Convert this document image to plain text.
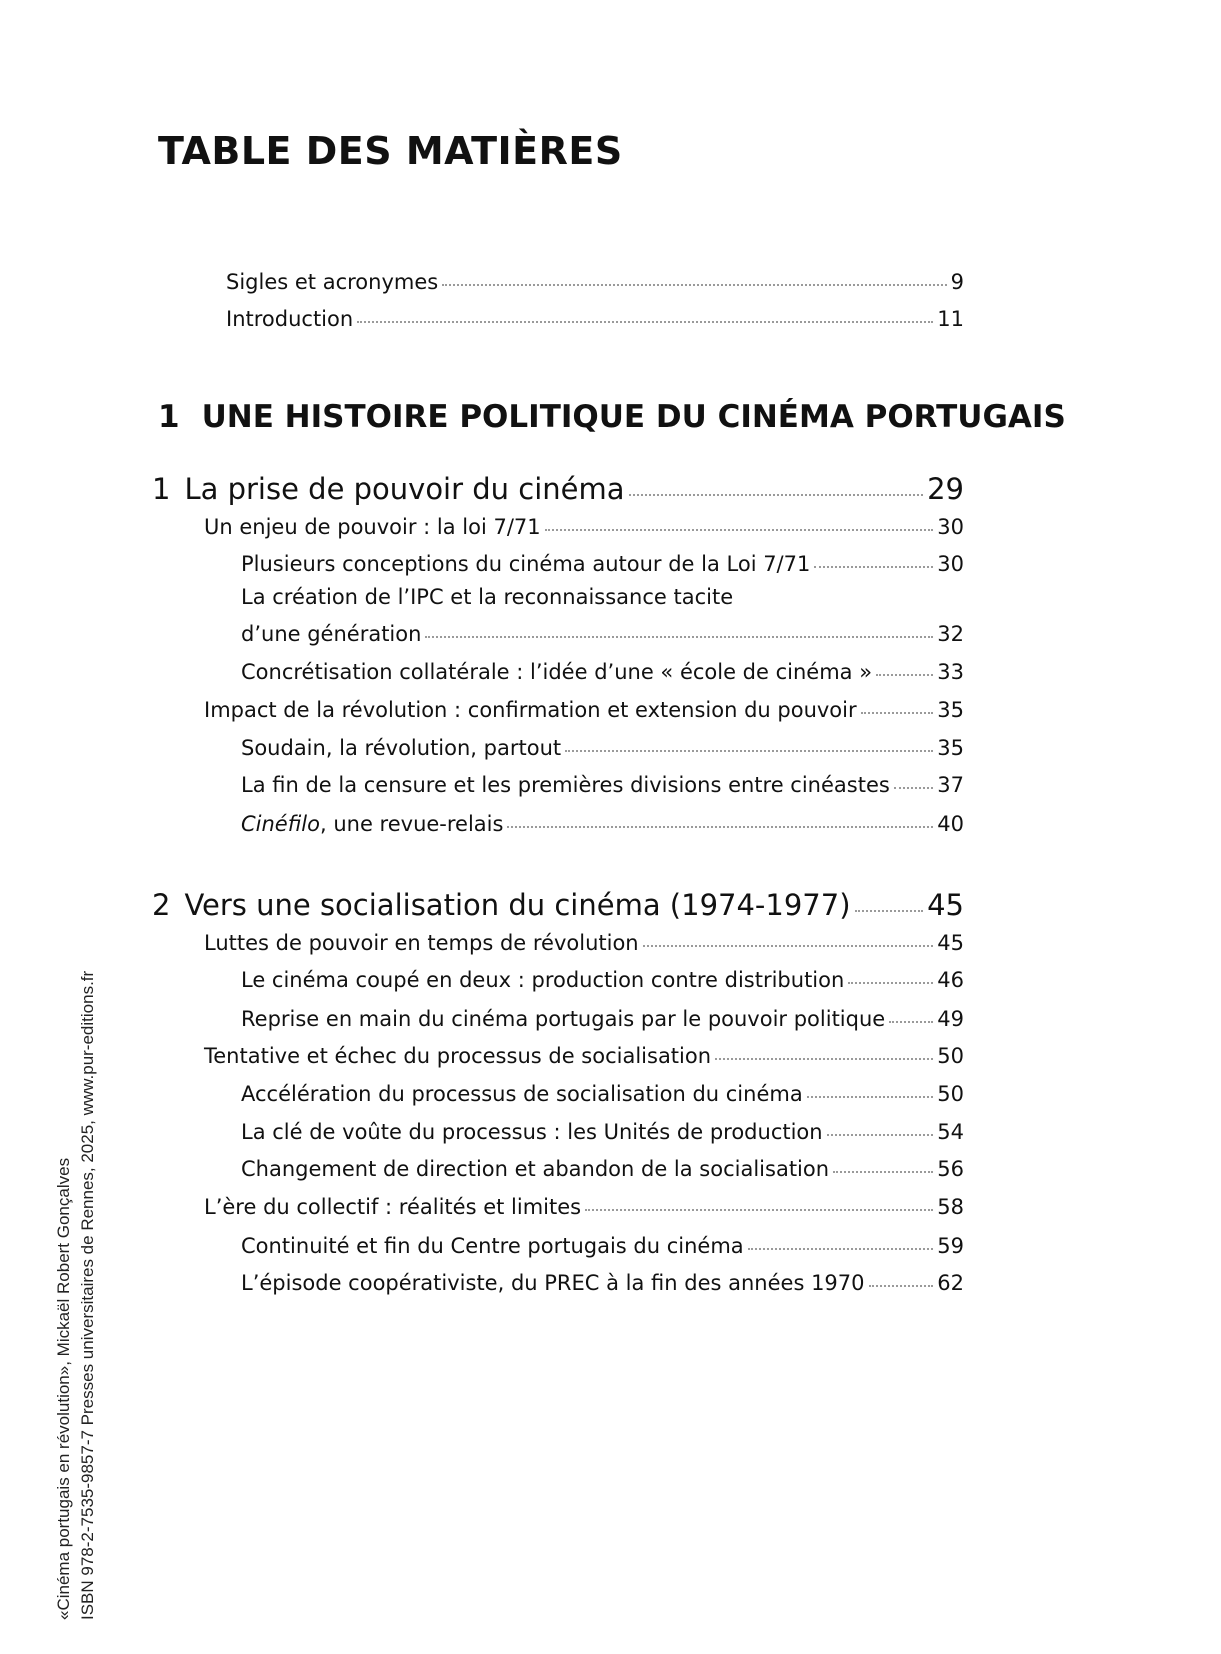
TABLE DES MATIÈRES
Sigles et acronymes	9
Introduction	11
1 UNE HISTOIRE POLITIQUE DU CINÉMA PORTUGAIS
1 La prise de pouvoir du cinéma	29
Un enjeu de pouvoir : la loi 7/71	30
Plusieurs conceptions du cinéma autour de la Loi 7/71	30
La création de l’IPC et la reconnaissance tacite
d’une génération	32
Concrétisation collatérale : l’idée d’une « école de cinéma »	33
Impact de la révolution : confirmation et extension du pouvoir	35
Soudain, la révolution, partout	35
La fin de la censure et les premières divisions entre cinéastes 37
Cinéfilo, une revue-relais	40
2 Vers une socialisation du cinéma (1974-1977)	45
Luttes de pouvoir en temps de révolution	45
Le cinéma coupé en deux : production contre distribution	46
Reprise en main du cinéma portugais par le pouvoir politique 49
Tentative et échec du processus de socialisation	50
Accélération du processus de socialisation du cinéma	50
La clé de voûte du processus : les Unités de production	54
Changement de direction et abandon de la socialisation	56
L’ère du collectif : réalités et limites	58
Continuité et fin du Centre portugais du cinéma	59
L’épisode coopérativiste, du PREC à la fin des années 1970	62
«Cinéma portugais en révolution», Mickaël Robert Gonçalves ISBN 978-2-7535-9857-7 Presses universitaires de Rennes, 2025, www.pur-editions.fr
